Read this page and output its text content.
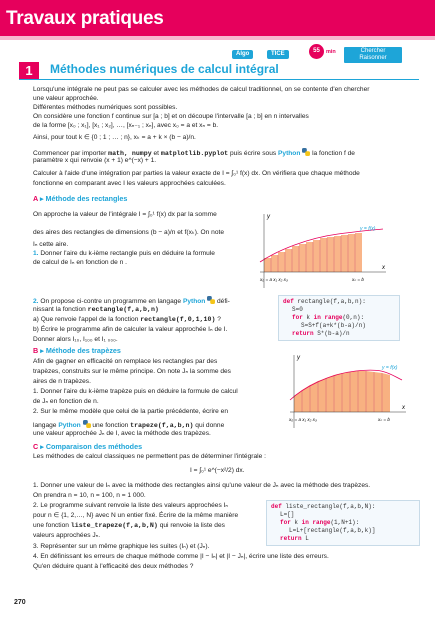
Travaux pratiques
Algo	TICE	55	min	Chercher
Raisonner
1	Méthodes numériques de calcul intégral
Lorsqu'une intégrale ne peut pas se calculer avec les méthodes de calcul traditionnel, on se contente d'en chercher
une valeur approchée.
Différentes méthodes numériques sont possibles.
On considère une fonction f continue sur [a ; b] et on découpe l'intervalle [a ; b] en n intervalles
de la forme [x₀ ; x₁], [x₁ ; x₂], …, [xₙ₋₁ ; xₙ], avec x₀ = a et xₙ = b.
Ainsi, pour tout k ∈ {0 ; 1 ; … ; n}, xₖ = a + k × (b − a)/n.
Commencer par importer math, numpy et matplotlib.pyplot puis écrire sous Python la fonction f de
paramètre x qui renvoie (x + 1) e^(−x) + 1.
Calculer à l'aide d'une intégration par parties la valeur exacte de I = ∫₀¹ f(x) dx. On vérifiera que chaque méthode
fonctionne en comparant avec I les valeurs approchées calculées.
A ▸ Méthode des rectangles
On approche la valeur de l'intégrale I = ∫₀¹ f(x) dx par la somme
des aires des rectangles de dimensions (b − a)/n et f(xₖ). On note
Iₙ cette aire.
1. Donner l'aire du k-ième rectangle puis en déduire la formule
de calcul de Iₙ en fonction de n .
y
x
y = f(x)
x₀ = a x₁ x₂ x₃	xₙ = b
2. On propose ci-contre un programme en langage Python défi-
nissant la fonction rectangle(f,a,b,n)
a) Que renvoie l'appel de la fonction rectangle(f,0,1,10) ?
b) Écrire le programme afin de calculer la valeur approchée Iₙ de I.
Donner alors I₁₀, I₁₀₀ et I₁ ₀₀₀.
def rectangle(f,a,b,n):
S=0
for k in range(0,n):
S=S+f(a+k*(b-a)/n)
return S*(b-a)/n
B ▸ Méthode des trapèzes
Afin de gagner en efficacité on remplace les rectangles par des
trapèzes, construits sur le même principe. On note Jₙ la somme des
aires de n trapèzes.
1. Donner l'aire du k-ième trapèze puis en déduire la formule de calcul
de Jₙ en fonction de n.
2. Sur le même modèle que celui de la partie précédente, écrire en
langage Python une fonction trapeze(f,a,b,n) qui donne
une valeur approchée Jₙ de I, avec la méthode des trapèzes.
y
x
y = f(x)
x₀ = a x₁ x₂ x₃	xₙ = b
C ▸ Comparaison des méthodes
Les méthodes de calcul classiques ne permettent pas de déterminer l'intégrale :
I = ∫₀¹ e^(−x²/2) dx.
1. Donner une valeur de Iₙ avec la méthode des rectangles ainsi qu'une valeur de Jₙ avec la méthode des trapèzes.
On prendra n = 10, n = 100, n = 1 000.
2. Le programme suivant renvoie la liste des valeurs approchées Iₙ
pour n ∈ {1, 2,…, N} avec N un entier fixé. Écrire de la même manière
une fonction liste_trapeze(f,a,b,N) qui renvoie la liste des
valeurs approchées Jₙ.
3. Représenter sur un même graphique les suites (Iₙ) et (Jₙ).
4. En définissant les erreurs de chaque méthode comme |I − Iₙ| et |I − Jₙ|, écrire une liste des erreurs.
Qu'en déduire quant à l'efficacité des deux méthodes ?
def liste_rectangle(f,a,b,N):
L=[]
for k in range(1,N+1):
L=L+[rectangle(f,a,b,k)]
return L
270
